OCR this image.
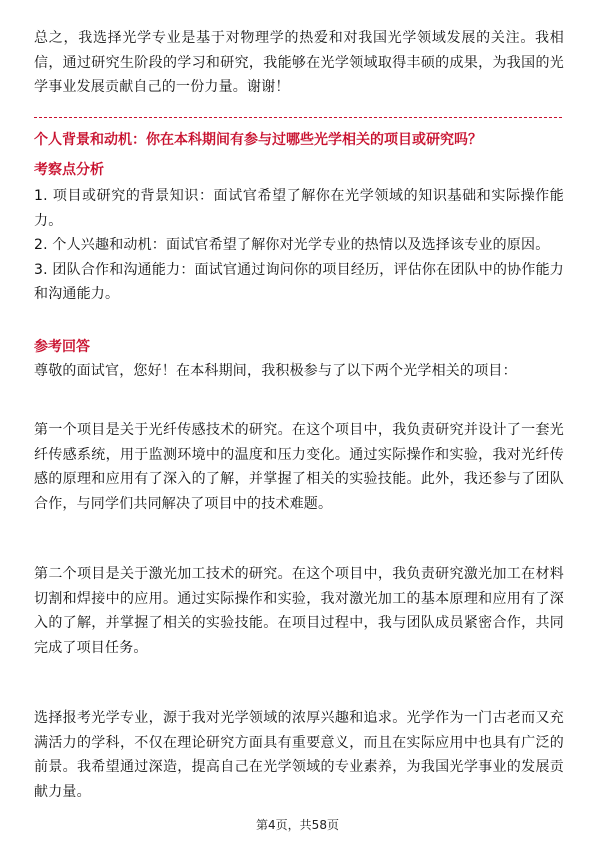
总之，我选择光学专业是基于对物理学的热爱和对我国光学领域发展的关注。我相信，通过研究生阶段的学习和研究，我能够在光学领域取得丰硕的成果，为我国的光学事业发展贡献自己的一份力量。谢谢！

个人背景和动机：你在本科期间有参与过哪些光学相关的项目或研究吗？

考察点分析

1. 项目或研究的背景知识：面试官希望了解你在光学领域的知识基础和实际操作能力。

2. 个人兴趣和动机：面试官希望了解你对光学专业的热情以及选择该专业的原因。

3. 团队合作和沟通能力：面试官通过询问你的项目经历，评估你在团队中的协作能力和沟通能力。

参考回答

尊敬的面试官，您好！在本科期间，我积极参与了以下两个光学相关的项目：

第一个项目是关于光纤传感技术的研究。在这个项目中，我负责研究并设计了一套光纤传感系统，用于监测环境中的温度和压力变化。通过实际操作和实验，我对光纤传感的原理和应用有了深入的了解，并掌握了相关的实验技能。此外，我还参与了团队合作，与同学们共同解决了项目中的技术难题。

第二个项目是关于激光加工技术的研究。在这个项目中，我负责研究激光加工在材料切割和焊接中的应用。通过实际操作和实验，我对激光加工的基本原理和应用有了深入的了解，并掌握了相关的实验技能。在项目过程中，我与团队成员紧密合作，共同完成了项目任务。

选择报考光学专业，源于我对光学领域的浓厚兴趣和追求。光学作为一门古老而又充满活力的学科，不仅在理论研究方面具有重要意义，而且在实际应用中也具有广泛的前景。我希望通过深造，提高自己在光学领域的专业素养，为我国光学事业的发展贡献力量。

第4页，共58页
